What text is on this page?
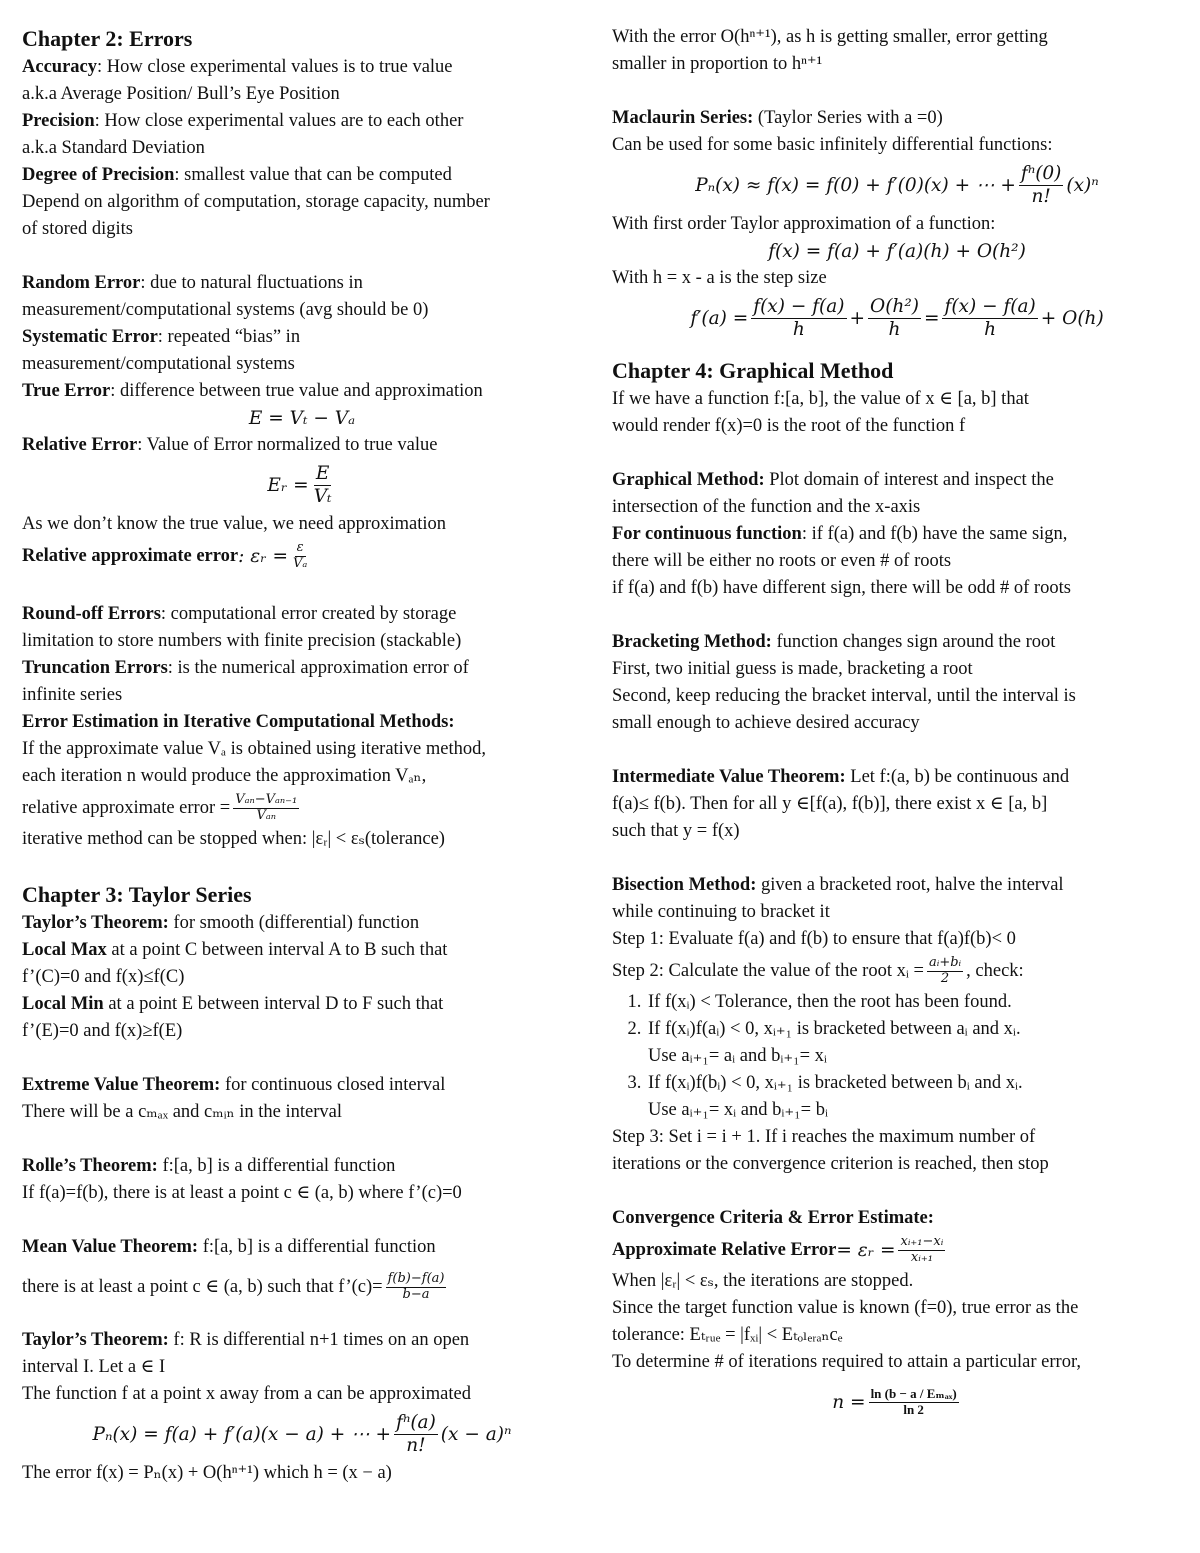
Chapter 2: Errors
Accuracy: How close experimental values is to true value
a.k.a Average Position/ Bull’s Eye Position
Precision: How close experimental values are to each other
a.k.a Standard Deviation
Degree of Precision: smallest value that can be computed
Depend on algorithm of computation, storage capacity, number
of stored digits
Random Error: due to natural fluctuations in
measurement/computational systems (avg should be 0)
Systematic Error: repeated “bias” in
measurement/computational systems
True Error: difference between true value and approximation
E = Vₜ − Vₐ
Relative Error: Value of Error normalized to true value
Eᵣ = $\frac{E}{\text{Vₜ}}$
As we don’t know the true value, we need approximation
Relative approximate error : εᵣ = $\frac{\varepsilon}{\text{Vₐ}}$
Round-off Errors: computational error created by storage
limitation to store numbers with finite precision (stackable)
Truncation Errors: is the numerical approximation error of
infinite series
Error Estimation in Iterative Computational Methods:
If the approximate value Vₐ is obtained using iterative method,
each iteration n would produce the approximation Vₐₙ,
relative approximate error = $\frac{\text{Vₐₙ−Vₐₙ₋₁}}{\text{Vₐₙ}}$
iterative method can be stopped when: |εᵣ| < εₛ(tolerance)
Chapter 3: Taylor Series
Taylor’s Theorem: for smooth (differential) function
Local Max at a point C between interval A to B such that
f’(C)=0 and f(x)≤f(C)
Local Min at a point E between interval D to F such that
f’(E)=0 and f(x)≥f(E)
Extreme Value Theorem: for continuous closed interval
There will be a cₘₐₓ and cₘᵢₙ in the interval
Rolle’s Theorem: f:[a, b] is a differential function
If f(a)=f(b), there is at least a point c ∈ (a, b) where f’(c)=0
Mean Value Theorem: f:[a, b] is a differential function
there is at least a point c ∈ (a, b) such that f’(c)= $\frac{f(b)-f(a)}{b-a}$
Taylor’s Theorem: f: R is differential n+1 times on an open
interval I. Let a ∈ I
The function f at a point x away from a can be approximated
Pₙ(x) = f(a) + f′(a)(x − a) + ⋯ + $\frac{\text{fⁿ(a)}}{n!} (x - a)^n$
The error f(x) = Pₙ(x) + O(hⁿ⁺¹) which h = (x − a)
With the error O(hⁿ⁺¹), as h is getting smaller, error getting
smaller in proportion to hⁿ⁺¹
Maclaurin Series: (Taylor Series with a =0)
Can be used for some basic infinitely differential functions:
Pₙ(x) ≈ f(x) = f(0) + f′(0)(x) + ⋯ + $\frac{\text{fⁿ(0)}}{n!} (x)^n$
With first order Taylor approximation of a function:
f(x) = f(a) + f′(a)(h) + O(h²)
With h = x - a is the step size
$f'(a) = \frac{f(x) - f(a)}{h} + \frac{\text{O(h²)}}{h} = \frac{f(x) - f(a)}{h} + O(h)$
Chapter 4: Graphical Method
If we have a function f:[a, b], the value of x ∈ [a, b] that
would render f(x)=0 is the root of the function f
Graphical Method: Plot domain of interest and inspect the
intersection of the function and the x-axis
For continuous function: if f(a) and f(b) have the same sign,
there will be either no roots or even # of roots
if f(a) and f(b) have different sign, there will be odd # of roots
Bracketing Method: function changes sign around the root
First, two initial guess is made, bracketing a root
Second, keep reducing the bracket interval, until the interval is
small enough to achieve desired accuracy
Intermediate Value Theorem: Let f:(a, b) be continuous and
f(a)≤ f(b). Then for all y ∈[f(a), f(b)], there exist x ∈ [a, b]
such that y = f(x)
Bisection Method: given a bracketed root, halve the interval
while continuing to bracket it
Step 1: Evaluate f(a) and f(b) to ensure that f(a)f(b)< 0
Step 2: Calculate the value of the root xᵢ = $\frac{\text{aᵢ+bᵢ}}{2}$ , check:
1. If f(xᵢ) < Tolerance, then the root has been found.
2. If f(xᵢ)f(aᵢ) < 0, xᵢ₊₁ is bracketed between aᵢ and xᵢ.
Use aᵢ₊₁= aᵢ and bᵢ₊₁= xᵢ
3. If f(xᵢ)f(bᵢ) < 0, xᵢ₊₁ is bracketed between bᵢ and xᵢ.
Use aᵢ₊₁= xᵢ and bᵢ₊₁= bᵢ
Step 3: Set i = i + 1. If i reaches the maximum number of
iterations or the convergence criterion is reached, then stop
Convergence Criteria & Error Estimate:
Approximate Relative Error = εᵣ = $\frac{\text{xᵢ₊₁−xᵢ}}{\text{xᵢ₊₁}}$
When |εᵣ| < εₛ, the iterations are stopped.
Since the target function value is known (f=0), true error as the
tolerance: Eₜᵣᵤₑ = |fₓᵢ| < Eₜₒₗₑᵣₐₙcₑ
To determine # of iterations required to attain a particular error,
$n = \frac{\text{ln (b − a / Eₘₐₓ)}}{\ln 2}$
